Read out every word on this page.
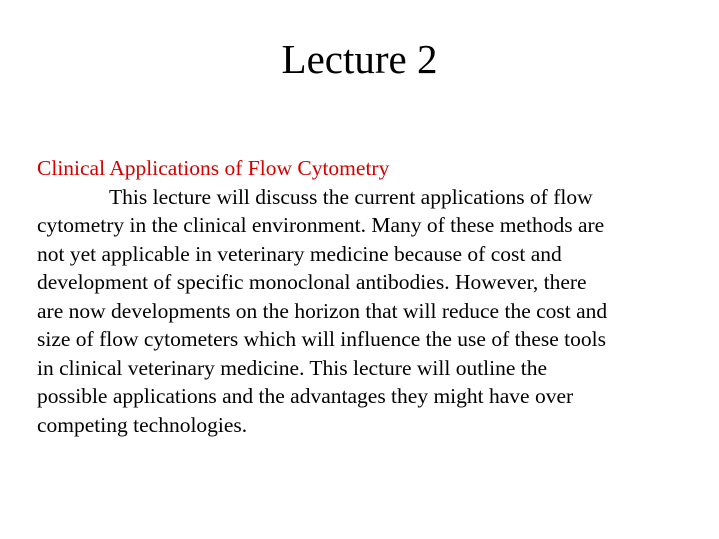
Lecture 2
Clinical Applications of Flow Cytometry
This lecture will discuss the current applications of flow
cytometry in the clinical environment. Many of these methods are
not yet applicable in veterinary medicine because of cost and
development of specific monoclonal antibodies. However, there
are now developments on the horizon that will reduce the cost and
size of flow cytometers which will influence the use of these tools
in clinical veterinary medicine. This lecture will outline the
possible applications and the advantages they might have over
competing technologies.
